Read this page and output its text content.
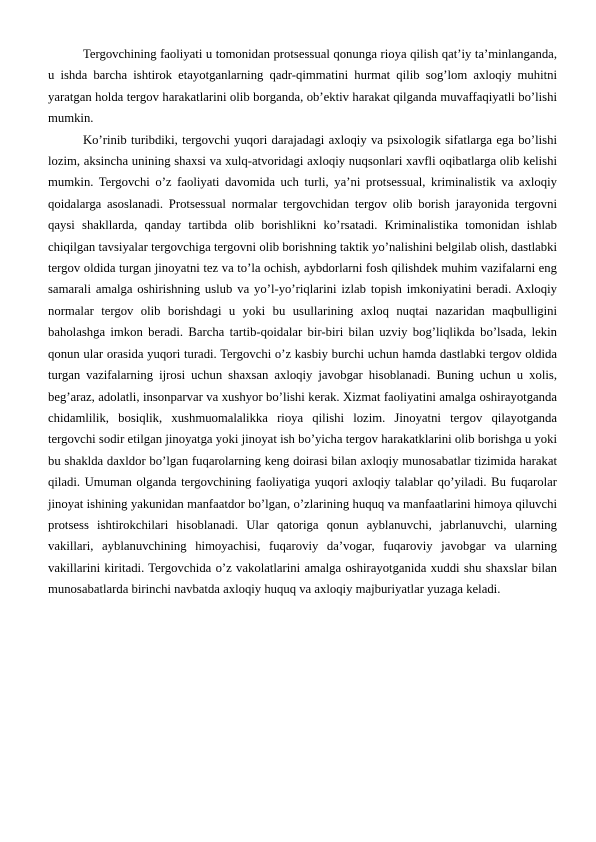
Tergovchining faoliyati u tomonidan protsessual qonunga rioya qilish qat’iy ta’minlanganda, u ishda barcha ishtirok etayotganlarning qadr-qimmatini hurmat qilib sog’lom axloqiy muhitni yaratgan holda tergov harakatlarini olib borganda, ob’ektiv harakat qilganda muvaffaqiyatli bo’lishi mumkin.

Ko’rinib turibdiki, tergovchi yuqori darajadagi axloqiy va psixologik sifatlarga ega bo’lishi lozim, aksincha unining shaxsi va xulq-atvoridagi axloqiy nuqsonlari xavfli oqibatlarga olib kelishi mumkin. Tergovchi o’z faoliyati davomida uch turli, ya’ni protsessual, kriminalistik va axloqiy qoidalarga asoslanadi. Protsessual normalar tergovchidan tergov olib borish jarayonida tergovni qaysi shakllarda, qanday tartibda olib borishlikni ko’rsatadi. Kriminalistika tomonidan ishlab chiqilgan tavsiyalar tergovchiga tergovni olib borishning taktik yo’nalishini belgilab olish, dastlabki tergov oldida turgan jinoyatni tez va to’la ochish, aybdorlarni fosh qilishdek muhim vazifalarni eng samarali amalga oshirishning uslub va yo’l-yo’riqlarini izlab topish imkoniyatini beradi. Axloqiy normalar tergov olib borishdagi u yoki bu usullarining axloq nuqtai nazaridan maqbulligini baholashga imkon beradi. Barcha tartib-qoidalar bir-biri bilan uzviy bog’liqlikda bo’lsada, lekin qonun ular orasida yuqori turadi. Tergovchi o’z kasbiy burchi uchun hamda dastlabki tergov oldida turgan vazifalarning ijrosi uchun shaxsan axloqiy javobgar hisoblanadi. Buning uchun u xolis, beg’araz, adolatli, insonparvar va xushyor bo’lishi kerak. Xizmat faoliyatini amalga oshirayotganda chidamlilik, bosiqlik, xushmuomalalikka rioya qilishi lozim. Jinoyatni tergov qilayotganda tergovchi sodir etilgan jinoyatga yoki jinoyat ish bo’yicha tergov harakatklarini olib borishga u yoki bu shaklda daxldor bo’lgan fuqarolarning keng doirasi bilan axloqiy munosabatlar tizimida harakat qiladi. Umuman olganda tergovchining faoliyatiga yuqori axloqiy talablar qo’yiladi. Bu fuqarolar jinoyat ishining yakunidan manfaatdor bo’lgan, o’zlarining huquq va manfaatlarini himoya qiluvchi protsess ishtirokchilari hisoblanadi. Ular qatoriga qonun ayblanuvchi, jabrlanuvchi, ularning vakillari, ayblanuvchining himoyachisi, fuqaroviy da’vogar, fuqaroviy javobgar va ularning vakillarini kiritadi. Tergovchida o’z vakolatlarini amalga oshirayotganida xuddi shu shaxslar bilan munosabatlarda birinchi navbatda axloqiy huquq va axloqiy majburiyatlar yuzaga keladi.
